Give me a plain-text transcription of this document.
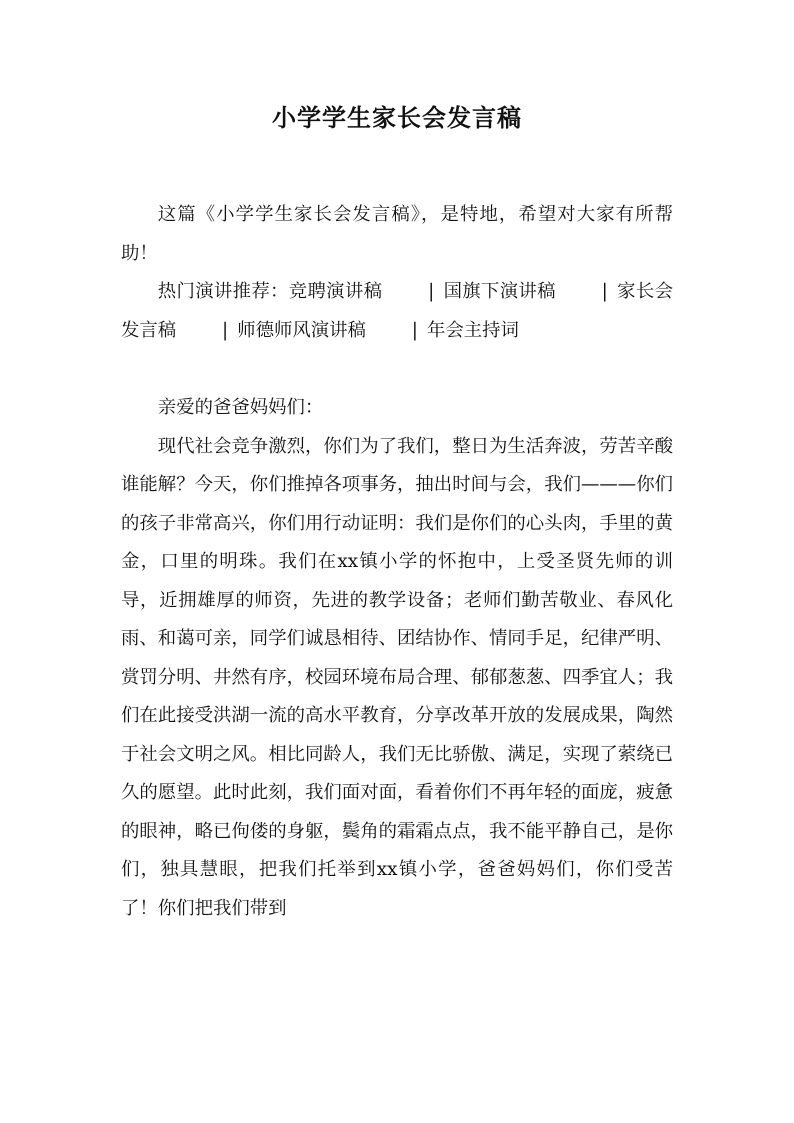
小学学生家长会发言稿

这篇《小学学生家长会发言稿》，是特地，希望对大家有所帮助！

热门演讲推荐：竞聘演讲稿 | 国旗下演讲稿 | 家长会发言稿 | 师德师风演讲稿 | 年会主持词

亲爱的爸爸妈妈们：

现代社会竞争激烈，你们为了我们，整日为生活奔波，劳苦辛酸谁能解？今天，你们推掉各项事务，抽出时间与会，我们———你们的孩子非常高兴，你们用行动证明：我们是你们的心头肉，手里的黄金，口里的明珠。我们在xx镇小学的怀抱中，上受圣贤先师的训导，近拥雄厚的师资，先进的教学设备；老师们勤苦敬业、春风化雨、和蔼可亲，同学们诚恳相待、团结协作、情同手足，纪律严明、赏罚分明、井然有序，校园环境布局合理、郁郁葱葱、四季宜人；我们在此接受洪湖一流的高水平教育，分享改革开放的发展成果，陶然于社会文明之风。相比同龄人，我们无比骄傲、满足，实现了萦绕已久的愿望。此时此刻，我们面对面，看着你们不再年轻的面庞，疲惫的眼神，略已佝偻的身躯，鬓角的霜霜点点，我不能平静自己，是你们，独具慧眼，把我们托举到xx镇小学，爸爸妈妈们，你们受苦了！你们把我们带到
